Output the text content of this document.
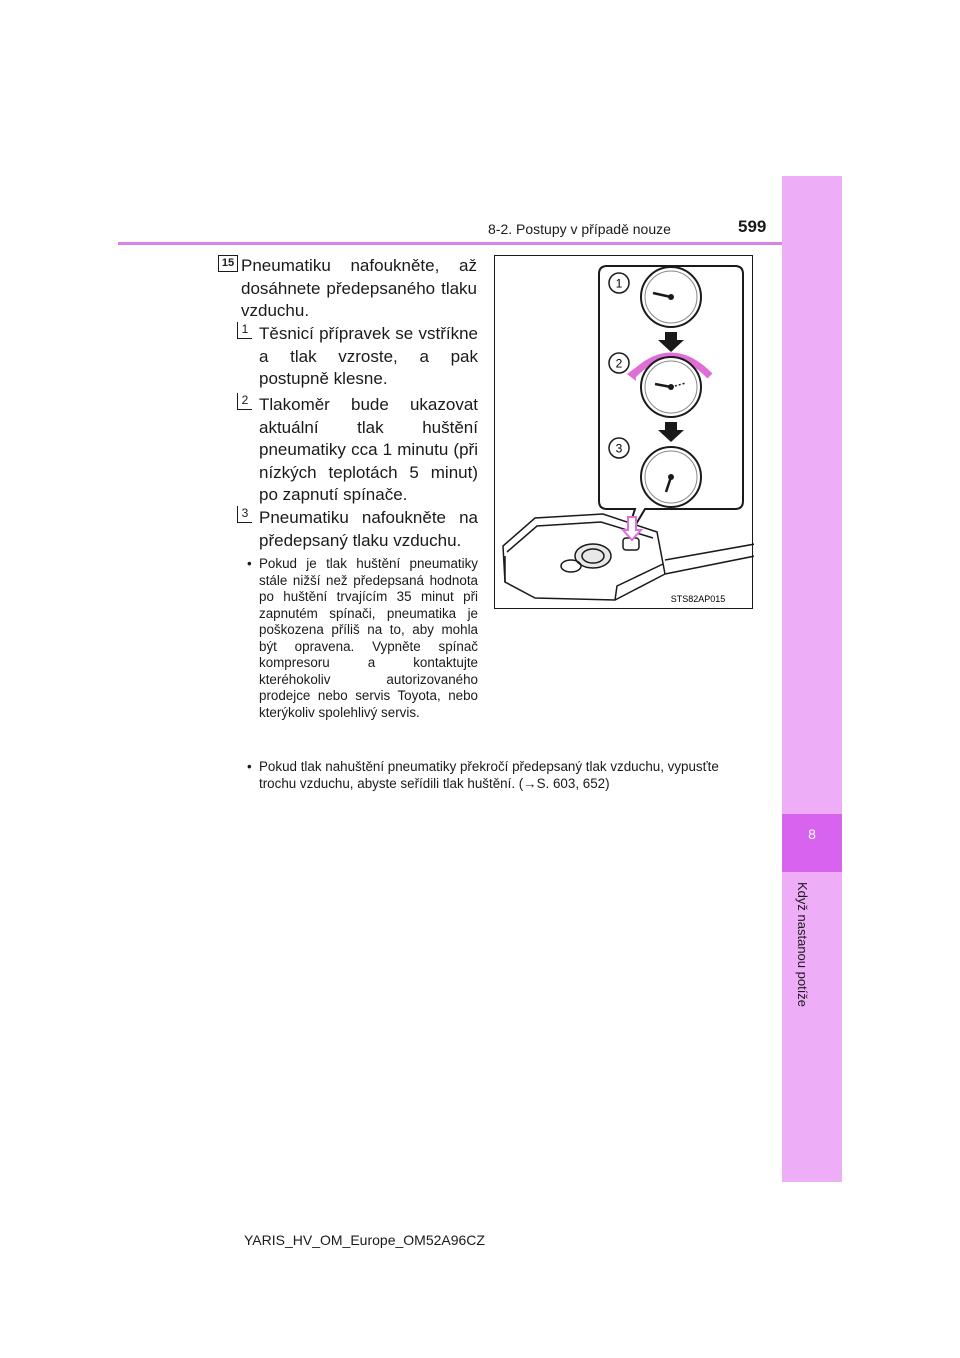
8
Když nastanou potíže
8-2. Postupy v případě nouze	599
15 Pneumatiku nafoukněte, až dosáhnete předepsaného tlaku vzduchu.
1 Těsnicí přípravek se vstříkne a tlak vzroste, a pak postupně klesne.
2 Tlakoměr bude ukazovat aktuální tlak huštění pneumatiky cca 1 minutu (při nízkých teplotách 5 minut) po zapnutí spínače.
3 Pneumatiku nafoukněte na předepsaný tlaku vzduchu.
• Pokud je tlak huštění pneumatiky stále nižší než předepsaná hodnota po huštění trvajícím 35 minut při zapnutém spínači, pneumatika je poškozena příliš na to, aby mohla být opravena. Vypněte spínač kompresoru a kontaktujte kteréhokoliv autorizovaného prodejce nebo servis Toyota, nebo kterýkoliv spolehlivý servis.
• Pokud tlak nahuštění pneumatiky překročí předepsaný tlak vzduchu, vypusťte trochu vzduchu, abyste seřídili tlak huštění. (→S. 603, 652)
1
2
3
STS82AP015
YARIS_HV_OM_Europe_OM52A96CZ
